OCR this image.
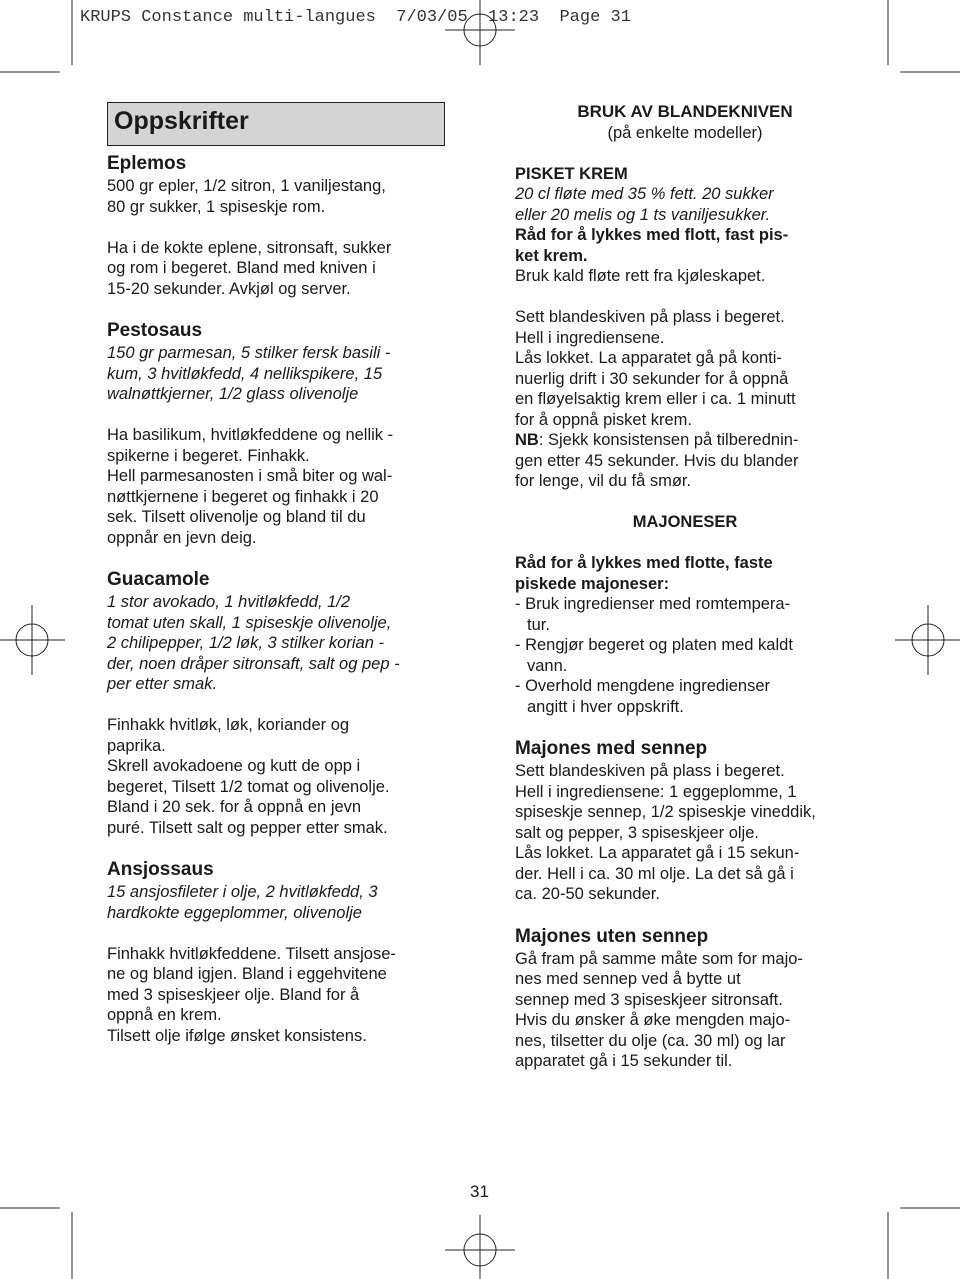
KRUPS Constance multi-langues  7/03/05  13:23  Page 31
Oppskrifter
Eplemos
500 gr epler, 1/2 sitron, 1 vaniljestang,
80 gr sukker, 1 spiseskje rom.
Ha i de kokte eplene, sitronsaft, sukker
og rom i begeret. Bland med kniven i
15-20 sekunder. Avkjøl og server.
Pestosaus
150 gr parmesan, 5 stilker fersk basili -
kum, 3 hvitløkfedd, 4 nellikspikere, 15
walnøttkjerner, 1/2 glass olivenolje
Ha basilikum, hvitløkfeddene og nellik -
spikerne i begeret. Finhakk.
Hell parmesanosten i små biter og wal-
nøttkjernene i begeret og finhakk i 20
sek. Tilsett olivenolje og bland til du
oppnår en jevn deig.
Guacamole
1 stor avokado, 1 hvitløkfedd, 1/2
tomat uten skall, 1 spiseskje olivenolje,
2 chilipepper, 1/2 løk, 3 stilker korian -
der, noen dråper sitronsaft, salt og pep -
per etter smak.
Finhakk hvitløk, løk, koriander og
paprika.
Skrell avokadoene og kutt de opp i
begeret, Tilsett 1/2 tomat og olivenolje.
Bland i 20 sek. for å oppnå en jevn
puré. Tilsett salt og pepper etter smak.
Ansjossaus
15 ansjosfileter i olje, 2 hvitløkfedd, 3
hardkokte eggeplommer, olivenolje
Finhakk hvitløkfeddene. Tilsett ansjose-
ne og bland igjen. Bland i eggehvitene
med 3 spiseskjeer olje. Bland for å
oppnå en krem.
Tilsett olje ifølge ønsket konsistens.
BRUK AV BLANDEKNIVEN
(på enkelte modeller)
PISKET KREM
20 cl fløte med 35 % fett. 20 sukker
eller 20 melis og 1 ts vaniljesukker.
Råd for å lykkes med flott, fast pis-
ket krem.
Bruk kald fløte rett fra kjøleskapet.
Sett blandeskiven på plass i begeret.
Hell i ingrediensene.
Lås lokket. La apparatet gå på konti-
nuerlig drift i 30 sekunder for å oppnå
en fløyelsaktig krem eller i ca. 1 minutt
for å oppnå pisket krem.
NB: Sjekk konsistensen på tilberednin-
gen etter 45 sekunder. Hvis du blander
for lenge, vil du få smør.
MAJONESER
Råd for å lykkes med flotte, faste
piskede majoneser:
- Bruk ingredienser med romtempera-
tur.
- Rengjør begeret og platen med kaldt
vann.
- Overhold mengdene ingredienser
angitt i hver oppskrift.
Majones med sennep
Sett blandeskiven på plass i begeret.
Hell i ingrediensene: 1 eggeplomme, 1
spiseskje sennep, 1/2 spiseskje vineddik,
salt og pepper, 3 spiseskjeer olje.
Lås lokket. La apparatet gå i 15 sekun-
der. Hell i ca. 30 ml olje. La det så gå i
ca. 20-50 sekunder.
Majones uten sennep
Gå fram på samme måte som for majo-
nes med sennep ved å bytte ut
sennep med 3 spiseskjeer sitronsaft.
Hvis du ønsker å øke mengden majo-
nes, tilsetter du olje (ca. 30 ml) og lar
apparatet gå i 15 sekunder til.
31
